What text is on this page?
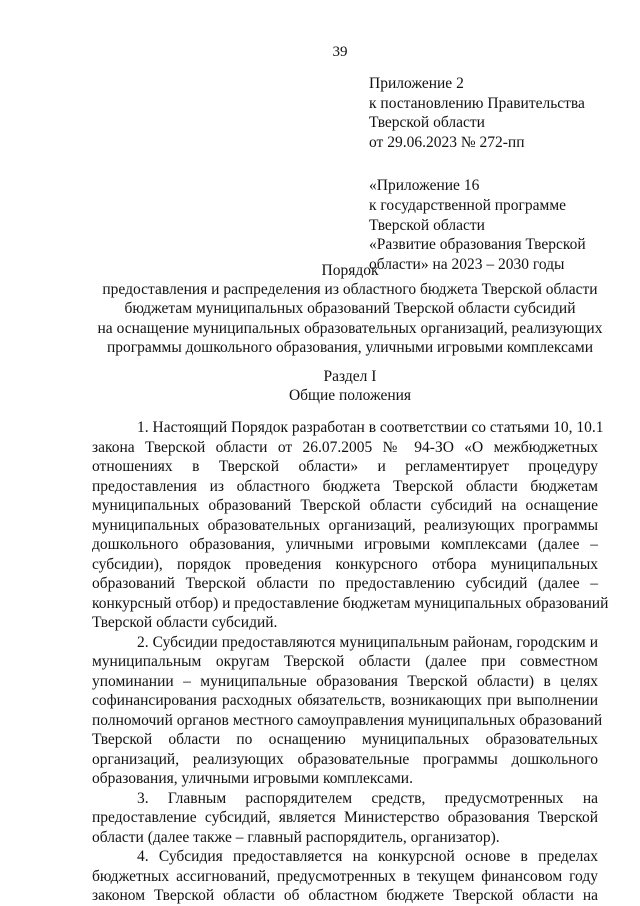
39
Приложение 2
к постановлению Правительства
Тверской области
от 29.06.2023 № 272-пп
«Приложение 16
к государственной программе
Тверской области
«Развитие образования Тверской
области» на 2023 – 2030 годы
Порядок
предоставления и распределения из областного бюджета Тверской области
бюджетам муниципальных образований Тверской области субсидий
на оснащение муниципальных образовательных организаций, реализующих
программы дошкольного образования, уличными игровыми комплексами
Раздел I
Общие положения
1. Настоящий Порядок разработан в соответствии со статьями 10, 10.1
закона Тверской области от 26.07.2005 № 94-ЗО «О межбюджетных
отношениях в Тверской области» и регламентирует процедуру
предоставления из областного бюджета Тверской области бюджетам
муниципальных образований Тверской области субсидий на оснащение
муниципальных образовательных организаций, реализующих программы
дошкольного образования, уличными игровыми комплексами (далее –
субсидии), порядок проведения конкурсного отбора муниципальных
образований Тверской области по предоставлению субсидий (далее –
конкурсный отбор) и предоставление бюджетам муниципальных образований
Тверской области субсидий.
2. Субсидии предоставляются муниципальным районам, городским и
муниципальным округам Тверской области (далее при совместном
упоминании – муниципальные образования Тверской области) в целях
софинансирования расходных обязательств, возникающих при выполнении
полномочий органов местного самоуправления муниципальных образований
Тверской области по оснащению муниципальных образовательных
организаций, реализующих образовательные программы дошкольного
образования, уличными игровыми комплексами.
3. Главным распорядителем средств, предусмотренных на
предоставление субсидий, является Министерство образования Тверской
области (далее также – главный распорядитель, организатор).
4. Субсидия предоставляется на конкурсной основе в пределах
бюджетных ассигнований, предусмотренных в текущем финансовом году
законом Тверской области об областном бюджете Тверской области на
